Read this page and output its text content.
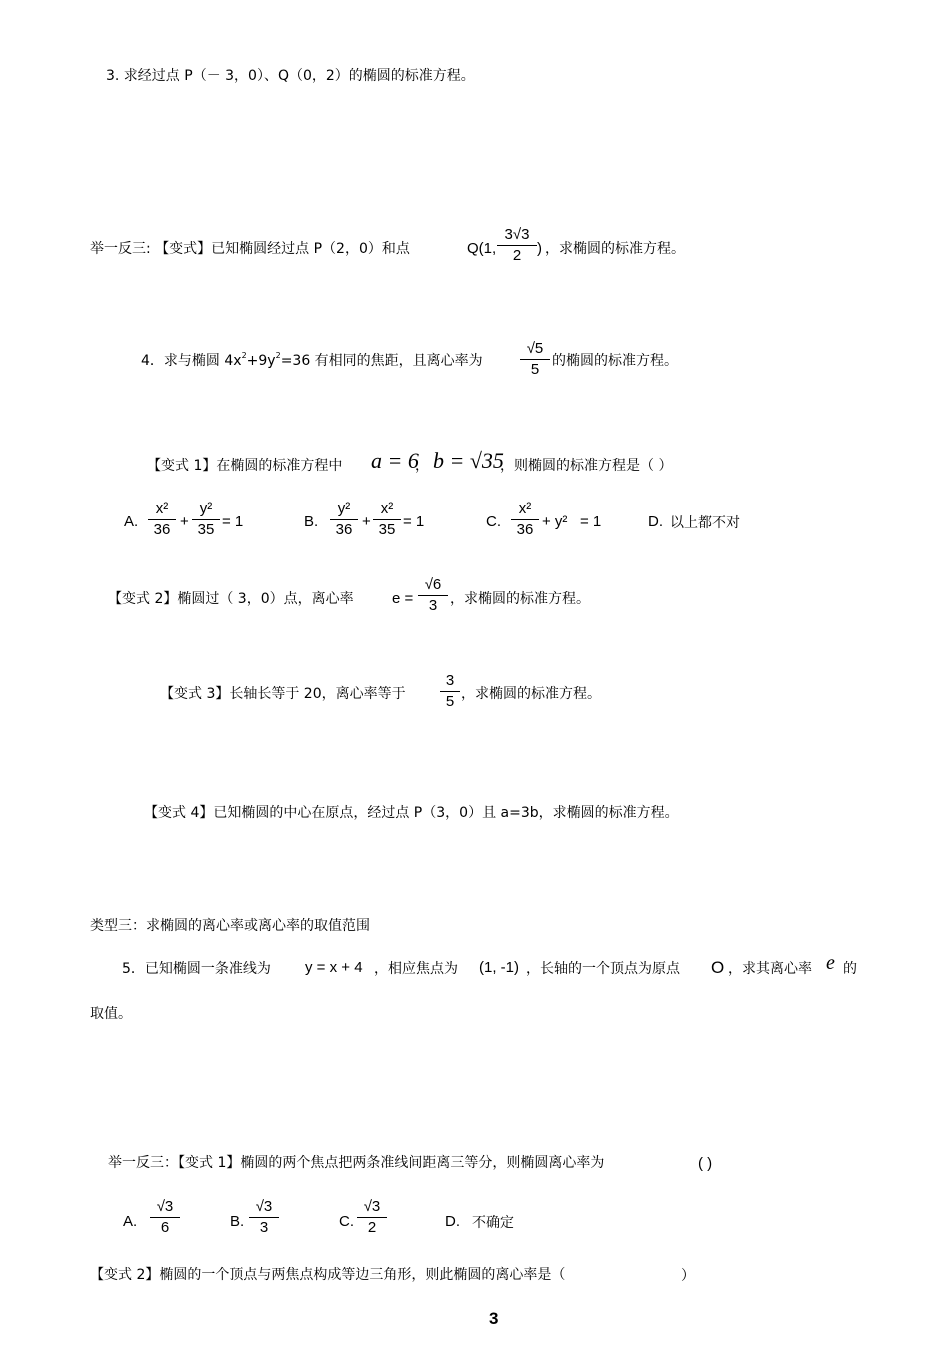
3. 求经过点 P（－ 3，0）、Q（0，2）的椭圆的标准方程。
举一反三: 【变式】已知椭圆经过点 P（2，0）和点	Q(1,
3√3
2	) ，求椭圆的标准方程。
4．求与椭圆 $4x^2+9y^2=36$ 有相同的焦距，且离心率为
√5
5 的椭圆的标准方程。
【变式 1】在椭圆的标准方程中 a = 6
， b = √35
，则椭圆的标准方程是（ ）
A.
x²
36 +
y²
35 = 1	B.
y²
36 +
x²
35 = 1	C.
x²
36 + y² = 1	D. 以上都不对
【变式 2】椭圆过（ 3，0）点，离心率	e =
√6
3 ，求椭圆的标准方程。
【变式 3】长轴长等于 20，离心率等于
3
5 ，求椭圆的标准方程。
【变式 4】已知椭圆的中心在原点，经过点 P（3，0）且 a=3b，求椭圆的标准方程。
类型三：求椭圆的离心率或离心率的取值范围
5．已知椭圆一条准线为 y = x + 4 ，相应焦点为 (1, -1) ，长轴的一个顶点为原点 O ，求其离心率 e 的
取值。
举一反三：【变式 1】椭圆的两个焦点把两条准线间距离三等分，则椭圆离心率为	( )
A.
√3
6	B.
√3
3	C.
√3
2	D. 不确定
【变式 2】椭圆的一个顶点与两焦点构成等边三角形，则此椭圆的离心率是（	）
3
